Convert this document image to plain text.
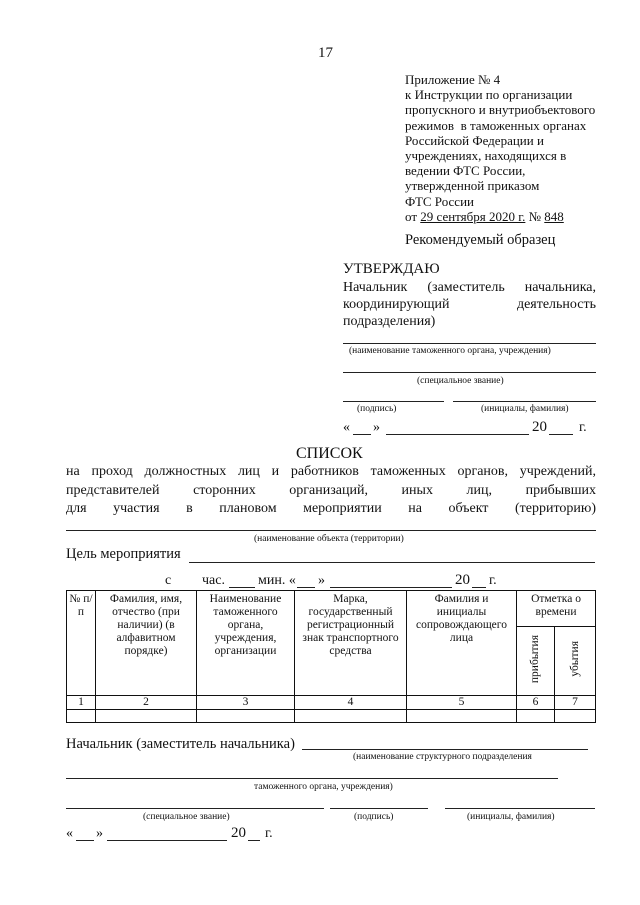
17
Приложение № 4
к Инструкции по организации
пропускного и внутриобъектового
режимов  в таможенных органах
Российской Федерации и
учреждениях, находящихся в
ведении ФТС России,
утвержденной приказом
ФТС России
от 29 сентября 2020 г. № 848
Рекомендуемый образец
УТВЕРЖДАЮ
Начальник  (заместитель  начальника,
координирующий             деятельность
подразделения)
(наименование таможенного органа, учреждения)
(специальное звание)
(подпись)	(инициалы, фамилия)
« »	20 г.
СПИСОК
на проход должностных лиц и работников таможенных органов, учреждений,
представителей    сторонних    организаций,    иных    лиц,    прибывших
для    участия    в    плановом    мероприятии    на    объект    (территорию)
(наименование объекта (территории)
Цель мероприятия
с час. мин. « »	20 г.
№ п/п	Фамилия, имя, отчество (при наличии) (в алфавитном порядке)	Наименование таможенного органа, учреждения, организации	Марка, государственный регистрационный знак транспортного средства	Фамилия и инициалы сопровождающего лица	Отметка о времени	
					прибытия	убытия
1	2	3	4	5	6	7

Начальник (заместитель начальника)
(наименование структурного подразделения
таможенного органа, учреждения)
(специальное звание)	(подпись)	(инициалы, фамилия)
« »	20 г.
